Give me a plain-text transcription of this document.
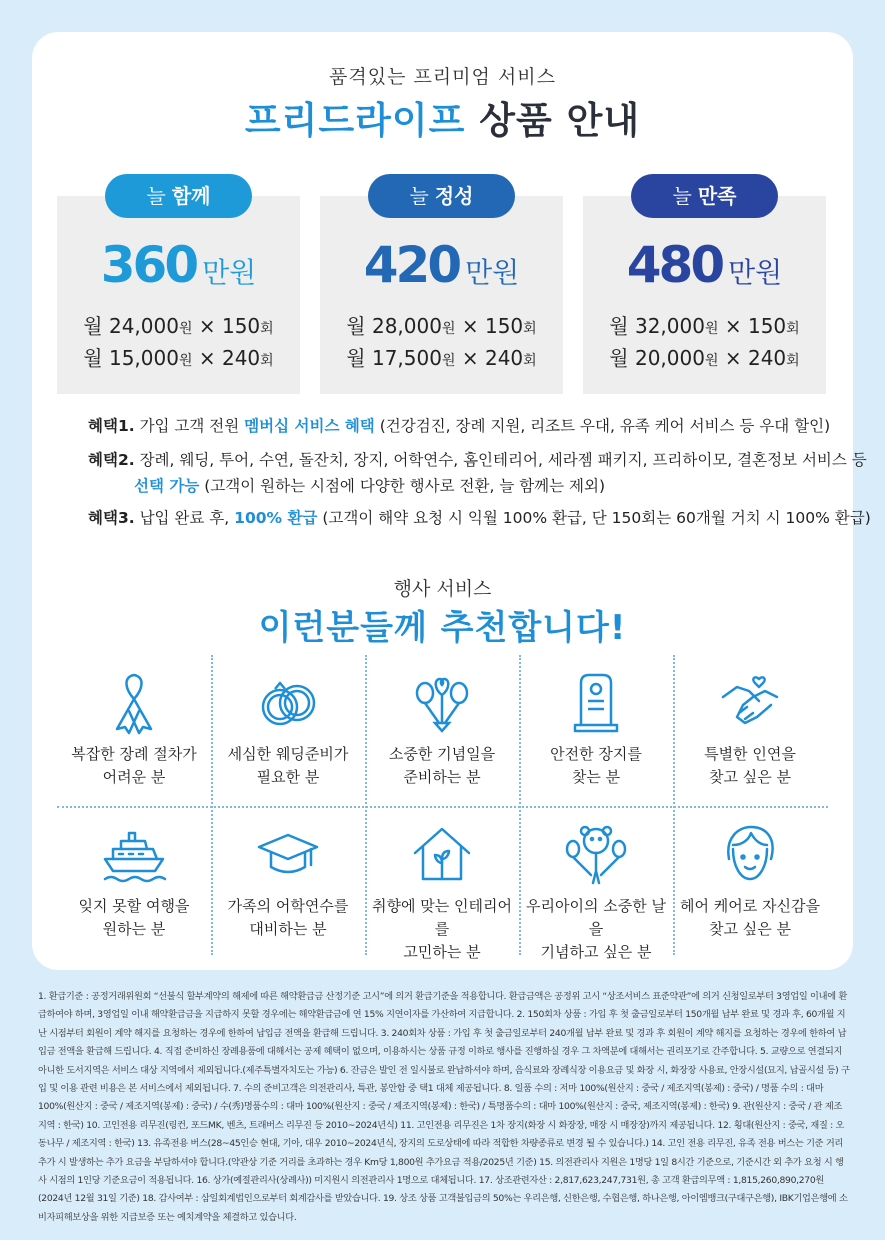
품격있는 프리미엄 서비스
프리드라이프 상품 안내
늘 함께
360 만원
월 24,000원 × 150회
월 15,000원 × 240회
늘 정성
420 만원
월 28,000원 × 150회
월 17,500원 × 240회
늘 만족
480 만원
월 32,000원 × 150회
월 20,000원 × 240회
혜택1. 가입 고객 전원 멤버십 서비스 혜택 (건강검진, 장례 지원, 리조트 우대, 유족 케어 서비스 등 우대 할인)
혜택2. 장례, 웨딩, 투어, 수연, 돌잔치, 장지, 어학연수, 홈인테리어, 세라젬 패키지, 프리하이모, 결혼정보 서비스 등
선택 가능 (고객이 원하는 시점에 다양한 행사로 전환, 늘 함께는 제외)
혜택3. 납입 완료 후, 100% 환급 (고객이 해약 요청 시 익월 100% 환급, 단 150회는 60개월 거치 시 100% 환급)
행사 서비스
이런분들께 추천합니다!
복잡한 장례 절차가
어려운 분
세심한 웨딩준비가
필요한 분
소중한 기념일을
준비하는 분
안전한 장지를
찾는 분
특별한 인연을
찾고 싶은 분
잊지 못할 여행을
원하는 분
가족의 어학연수를
대비하는 분
취향에 맞는 인테리어를
고민하는 분
우리아이의 소중한 날을
기념하고 싶은 분
헤어 케어로 자신감을
찾고 싶은 분
1. 환급기준 : 공정거래위원회 “선불식 할부계약의 해제에 따른 해약환급금 산정기준 고시”에 의거 환급기준을 적용합니다. 환급금액은 공정위 고시 “상조서비스 표준약관”에 의거 신청일로부터 3영업일 이내에 환급하여야 하며, 3영업일 이내 해약환급금을 지급하지 못할 경우에는 해약환급금에 연 15% 지연이자를 가산하여 지급합니다. 2. 150회차 상품 : 가입 후 첫 출금일로부터 150개월 납부 완료 및 경과 후, 60개월 지난 시점부터 회원이 계약 해지를 요청하는 경우에 한하여 납입금 전액을 환급해 드립니다. 3. 240회차 상품 : 가입 후 첫 출금일로부터 240개월 납부 완료 및 경과 후 회원이 계약 해지를 요청하는 경우에 한하여 납입금 전액을 환급해 드립니다. 4. 직접 준비하신 장례용품에 대해서는 공제 혜택이 없으며, 이용하시는 상품 규정 이하로 행사를 진행하실 경우 그 차액분에 대해서는 권리포기로 간주합니다. 5. 교량으로 연결되지 아니한 도서지역은 서비스 대상 지역에서 제외됩니다.(제주특별자치도는 가능) 6. 잔금은 발인 전 일시불로 완납하셔야 하며, 음식료와 장례식장 이용요금 및 화장 시, 화장장 사용료, 안장시설(묘지, 납골시설 등) 구입 및 이용 관련 비용은 본 서비스에서 제외됩니다. 7. 수의 준비고객은 의전관리사, 특관, 봉안함 중 택1 대체 제공됩니다. 8. 일품 수의 : 저마 100%(원산지 : 중국 / 제조지역(봉제) : 중국) / 명품 수의 : 대마 100%(원산지 : 중국 / 제조지역(봉제) : 중국) / 수(秀)명품수의 : 대마 100%(원산지 : 중국 / 제조지역(봉제) : 한국) / 특명품수의 : 대마 100%(원산지 : 중국, 제조지역(봉제) : 한국) 9. 관(원산지 : 중국 / 관 제조지역 : 한국) 10. 고인전용 리무진(링컨, 포드MK, 벤츠, 트래버스 리무진 등 2010~2024년식) 11. 고인전용 리무진은 1차 장지(화장 시 화장장, 매장 시 매장장)까지 제공됩니다. 12. 횡대(원산지 : 중국, 재질 : 오동나무 / 제조지역 : 한국) 13. 유족전용 버스(28~45인승 현대, 기아, 대우 2010~2024년식, 장지의 도로상태에 따라 적합한 차량종류로 변경 될 수 있습니다.) 14. 고인 전용 리무진, 유족 전용 버스는 기준 거리 추가 시 발생하는 추가 요금을 부담하셔야 합니다.(약관상 기준 거리를 초과하는 경우 Km당 1,800원 추가요금 적용/2025년 기준) 15. 의전관리사 지원은 1명당 1일 8시간 기준으로, 기준시간 외 추가 요청 시 행사 시점의 1인당 기준요금이 적용됩니다. 16. 상가(예절관리사(상례사)) 미지원시 의전관리사 1명으로 대체됩니다. 17. 상조관련자산 : 2,817,623,247,731원, 총 고객 환급의무액 : 1,815,260,890,270원 (2024년 12월 31일 기준) 18. 감사여부 : 삼일회계법인으로부터 회계감사를 받았습니다. 19. 상조 상품 고객불입금의 50%는 우리은행, 신한은행, 수협은행, 하나은행, 아이엠뱅크(구대구은행), IBK기업은행에 소비자피해보상을 위한 지급보증 또는 예치계약을 체결하고 있습니다.
